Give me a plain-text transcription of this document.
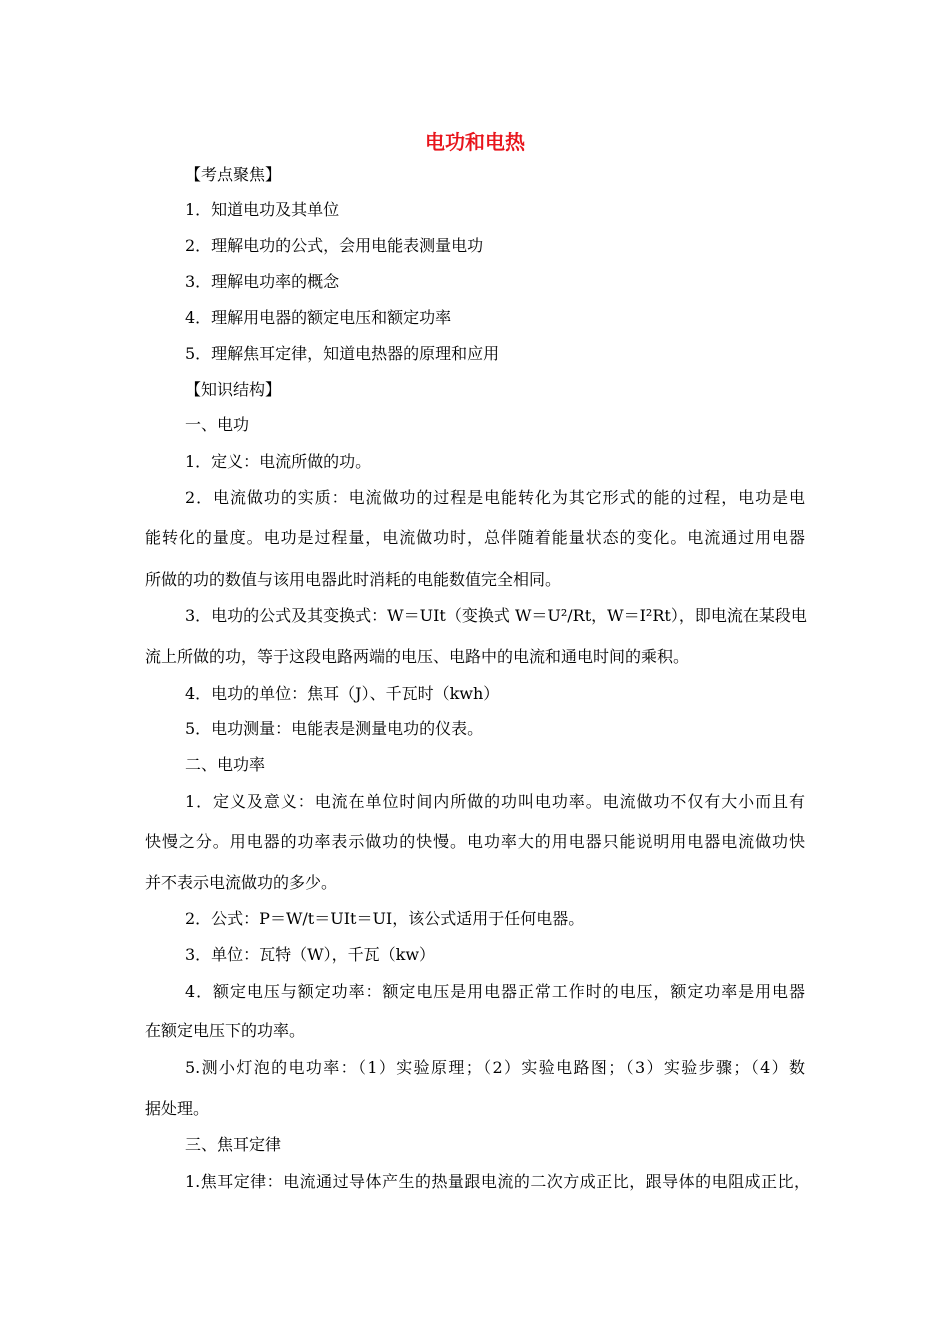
电功和电热
【考点聚焦】
1．知道电功及其单位
2．理解电功的公式，会用电能表测量电功
3．理解电功率的概念
4．理解用电器的额定电压和额定功率
5．理解焦耳定律，知道电热器的原理和应用
【知识结构】
一、电功
1．定义：电流所做的功。
2．电流做功的实质：电流做功的过程是电能转化为其它形式的能的过程，电功是电
能转化的量度。电功是过程量，电流做功时，总伴随着能量状态的变化。电流通过用电器
所做的功的数值与该用电器此时消耗的电能数值完全相同。
3．电功的公式及其变换式：W＝UIt（变换式 W＝U²/Rt，W＝I²Rt），即电流在某段电
流上所做的功，等于这段电路两端的电压、电路中的电流和通电时间的乘积。
4．电功的单位：焦耳（J）、千瓦时（kwh）
5．电功测量：电能表是测量电功的仪表。
二、电功率
1．定义及意义：电流在单位时间内所做的功叫电功率。电流做功不仅有大小而且有
快慢之分。用电器的功率表示做功的快慢。电功率大的用电器只能说明用电器电流做功快
并不表示电流做功的多少。
2．公式：P＝W/t＝UIt＝UI，该公式适用于任何电器。
3．单位：瓦特（W），千瓦（kw）
4．额定电压与额定功率：额定电压是用电器正常工作时的电压，额定功率是用电器
在额定电压下的功率。
5.测小灯泡的电功率：（1）实验原理；（2）实验电路图；（3）实验步骤；（4）数
据处理。
三、焦耳定律
1.焦耳定律：电流通过导体产生的热量跟电流的二次方成正比，跟导体的电阻成正比，
